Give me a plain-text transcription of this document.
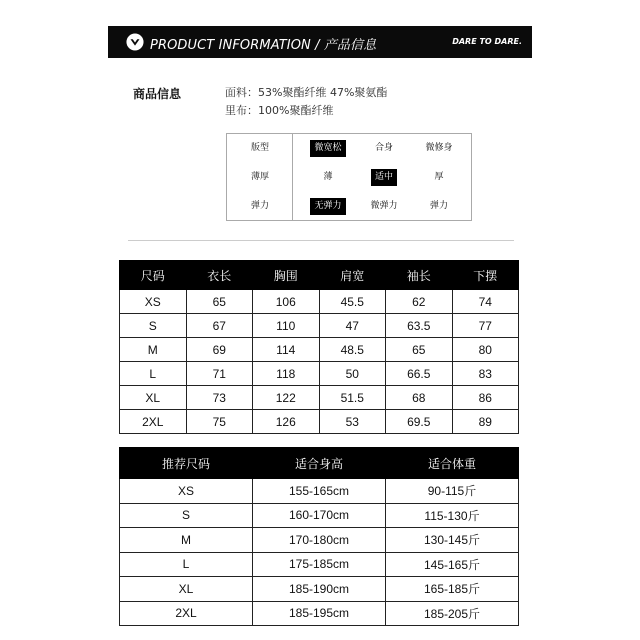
PRODUCT INFORMATION / 产品信息	DARE TO DARE.
商品信息	面料：53%聚酯纤维 47%聚氨酯
里布：100%聚酯纤维
版型	微宽松	合身	微修身
薄厚	薄	适中	厚
弹力	无弹力	微弹力	弹力
尺码	衣长	胸围	肩宽	袖长	下摆
XS	65	106	45.5	62	74
S	67	110	47	63.5	77
M	69	114	48.5	65	80
L	71	118	50	66.5	83
XL	73	122	51.5	68	86
2XL	75	126	53	69.5	89
推荐尺码	适合身高	适合体重
XS	155-165cm	90-115斤
S	160-170cm	115-130斤
M	170-180cm	130-145斤
L	175-185cm	145-165斤
XL	185-190cm	165-185斤
2XL	185-195cm	185-205斤
